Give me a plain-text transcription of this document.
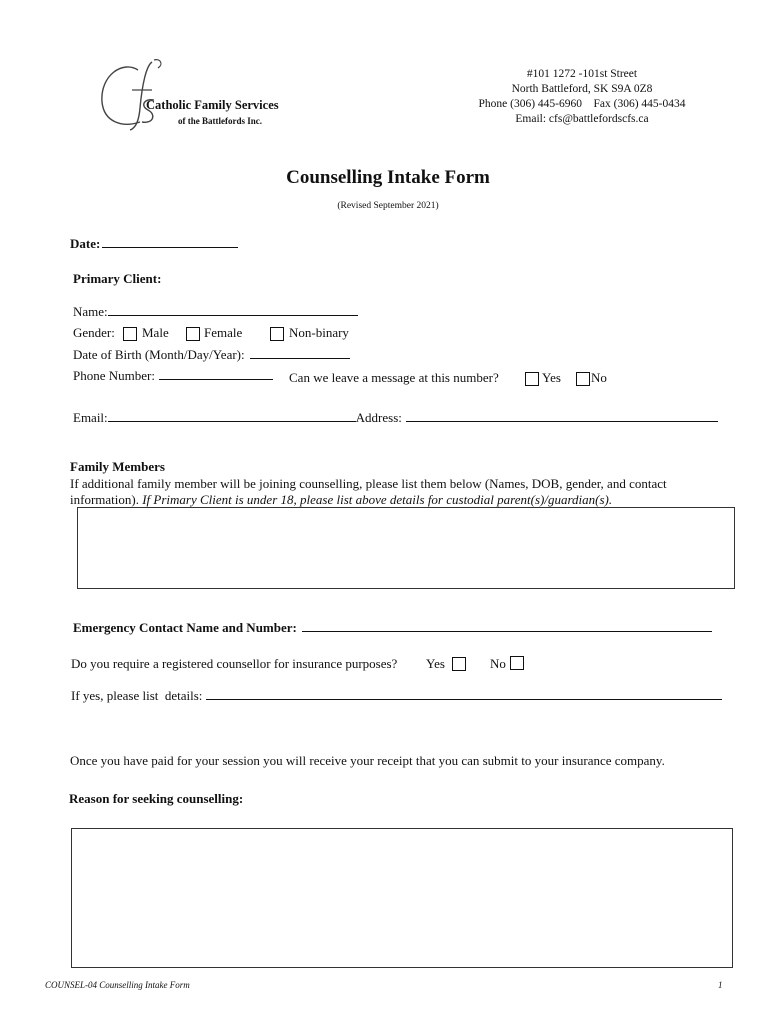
Catholic Family Services
of the Battlefords Inc.
#101 1272 -101st Street
North Battleford, SK S9A 0Z8
Phone (306) 445-6960    Fax (306) 445-0434
Email: cfs@battlefordscfs.ca
Counselling Intake Form
(Revised September 2021)
Date:
Primary Client:
Name:
Gender: Male	Female	Non-binary
Date of Birth (Month/Day/Year):
Phone Number:	Can we leave a message at this number?	Yes No
Email:	Address:
Family Members
If additional family member will be joining counselling, please list them below (Names, DOB, gender, and contact
information). If Primary Client is under 18, please list above details for custodial parent(s)/guardian(s).
Emergency Contact Name and Number:
Do you require a registered counsellor for insurance purposes? Yes	No
If yes, please list  details:
Once you have paid for your session you will receive your receipt that you can submit to your insurance company.
Reason for seeking counselling:
COUNSEL-04 Counselling Intake Form	1
